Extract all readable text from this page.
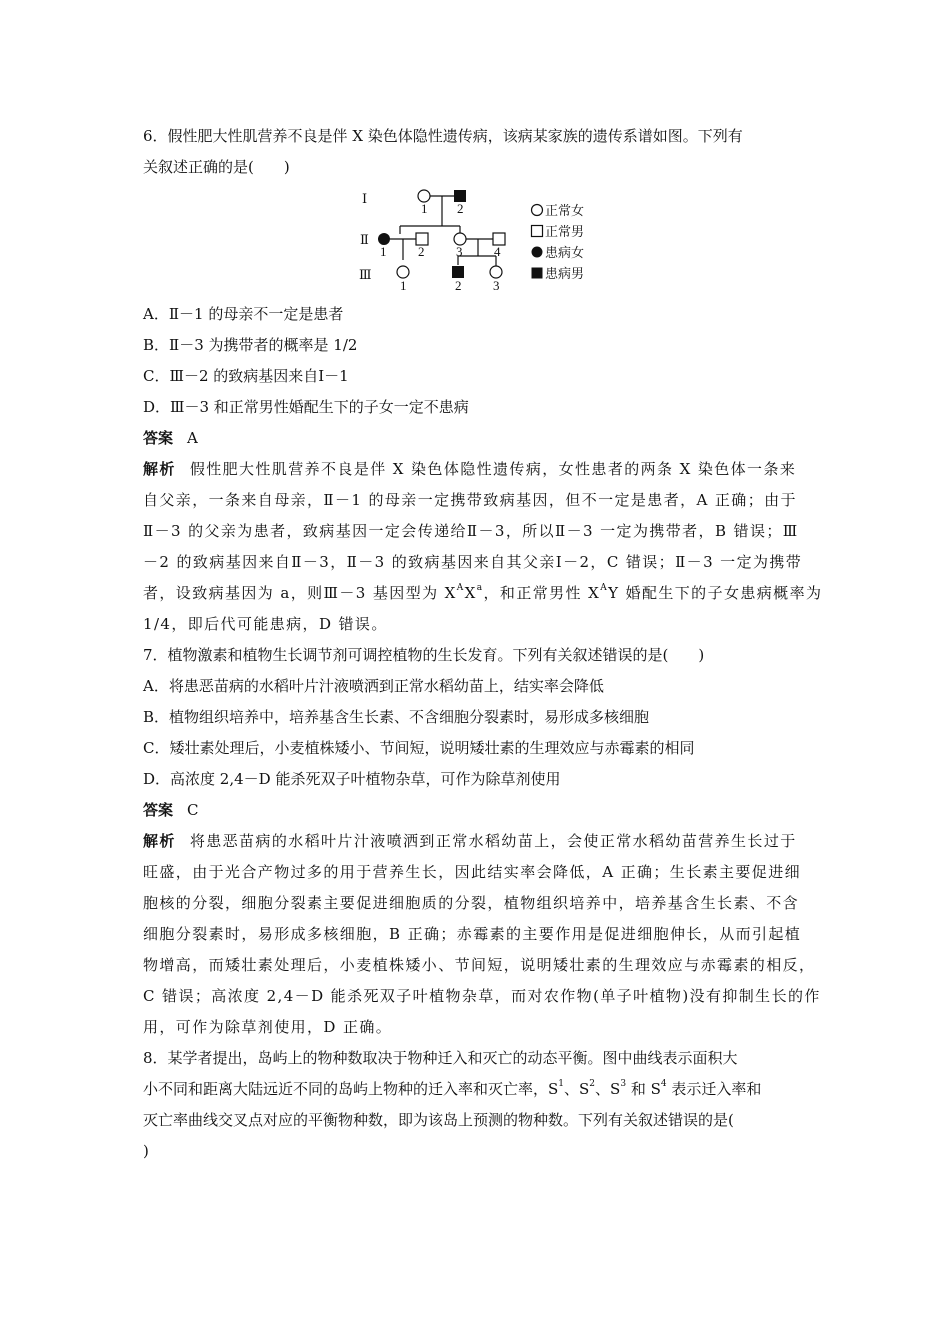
6．假性肥大性肌营养不良是伴 X 染色体隐性遗传病，该病某家族的遗传系谱如图。下列有
关叙述正确的是(　　)
Ⅰ
Ⅱ
Ⅲ
1 2
1 2 3 4
1	2 3
正常女
正常男
患病女
患病男
A．Ⅱ－1 的母亲不一定是患者
B．Ⅱ－3 为携带者的概率是 1/2
C．Ⅲ－2 的致病基因来自Ⅰ－1
D．Ⅲ－3 和正常男性婚配生下的子女一定不患病
答案 A
解析 假性肥大性肌营养不良是伴 X 染色体隐性遗传病，女性患者的两条 X 染色体一条来
自父亲，一条来自母亲，Ⅱ－1 的母亲一定携带致病基因，但不一定是患者，A 正确；由于
Ⅱ－3 的父亲为患者，致病基因一定会传递给Ⅱ－3，所以Ⅱ－3 一定为携带者，B 错误；Ⅲ
－2 的致病基因来自Ⅱ－3，Ⅱ－3 的致病基因来自其父亲Ⅰ－2，C 错误；Ⅱ－3 一定为携带
者，设致病基因为 a，则Ⅲ－3 基因型为 $X^AX^a$，和正常男性 $X^AY$ 婚配生下的子女患病概率为
1/4，即后代可能患病，D 错误。
7．植物激素和植物生长调节剂可调控植物的生长发育。下列有关叙述错误的是(　　)
A．将患恶苗病的水稻叶片汁液喷洒到正常水稻幼苗上，结实率会降低
B．植物组织培养中，培养基含生长素、不含细胞分裂素时，易形成多核细胞
C．矮壮素处理后，小麦植株矮小、节间短，说明矮壮素的生理效应与赤霉素的相同
D．高浓度 2,4－D 能杀死双子叶植物杂草，可作为除草剂使用
答案 C
解析 将患恶苗病的水稻叶片汁液喷洒到正常水稻幼苗上，会使正常水稻幼苗营养生长过于
旺盛，由于光合产物过多的用于营养生长，因此结实率会降低，A 正确；生长素主要促进细
胞核的分裂，细胞分裂素主要促进细胞质的分裂，植物组织培养中，培养基含生长素、不含
细胞分裂素时，易形成多核细胞，B 正确；赤霉素的主要作用是促进细胞伸长，从而引起植
物增高，而矮壮素处理后，小麦植株矮小、节间短，说明矮壮素的生理效应与赤霉素的相反，
C 错误；高浓度 2,4－D 能杀死双子叶植物杂草，而对农作物(单子叶植物)没有抑制生长的作
用，可作为除草剂使用，D 正确。
8．某学者提出，岛屿上的物种数取决于物种迁入和灭亡的动态平衡。图中曲线表示面积大
小不同和距离大陆远近不同的岛屿上物种的迁入率和灭亡率，$S^1$、$S^2$、$S^3$ 和 $S^4$ 表示迁入率和
灭亡率曲线交叉点对应的平衡物种数，即为该岛上预测的物种数。下列有关叙述错误的是(
)
